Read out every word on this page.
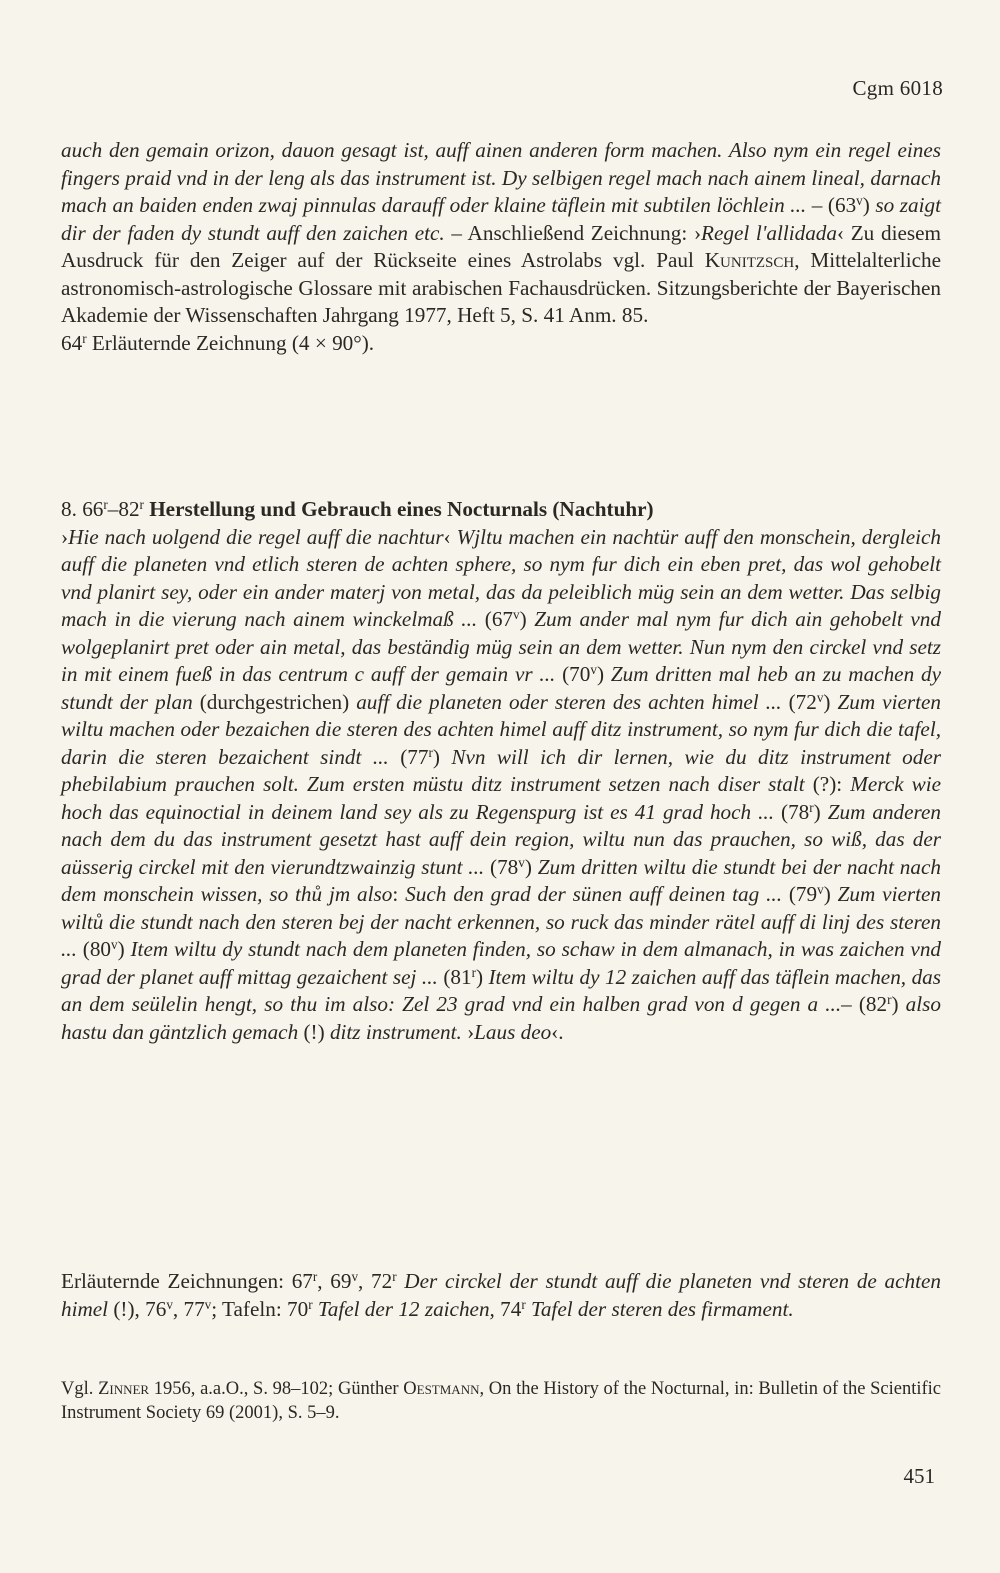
Cgm 6018

auch den gemain orizon, dauon gesagt ist, auff ainen anderen form machen. Also nym ein regel eines fingers praid vnd in der leng als das instrument ist. Dy selbigen regel mach nach ainem lineal, darnach mach an baiden enden zwaj pinnulas darauff oder klaine täflein mit subtilen löchlein ... – (63$^v$) so zaigt dir der faden dy stundt auff den zaichen etc. – Anschließend Zeichnung: ›Regel l'allidada‹ Zu diesem Ausdruck für den Zeiger auf der Rückseite eines Astrolabs vgl. Paul Kunitzsch, Mittelalterliche astronomisch-astrologische Glossare mit arabischen Fachausdrücken. Sitzungsberichte der Bayerischen Akademie der Wissenschaften Jahrgang 1977, Heft 5, S. 41 Anm. 85.

64$^r$ Erläuternde Zeichnung (4 × 90°).

8. 66$^r$–82$^r$ Herstellung und Gebrauch eines Nocturnals (Nachtuhr)

›Hie nach uolgend die regel auff die nachtur‹ Wjltu machen ein nachtür auff den monschein, dergleich auff die planeten vnd etlich steren de achten sphere, so nym fur dich ein eben pret, das wol gehobelt vnd planirt sey, oder ein ander materj von metal, das da peleiblich müg sein an dem wetter. Das selbig mach in die vierung nach ainem winckelmaß ... (67$^v$) Zum ander mal nym fur dich ain gehobelt vnd wolgeplanirt pret oder ain metal, das beständig müg sein an dem wetter. Nun nym den circkel vnd setz in mit einem fueß in das centrum c auff der gemain vr ... (70$^v$) Zum dritten mal heb an zu machen dy stundt der plan (durchgestrichen) auff die planeten oder steren des achten himel ... (72$^v$) Zum vierten wiltu machen oder bezaichen die steren des achten himel auff ditz instrument, so nym fur dich die tafel, darin die steren bezaichent sindt ... (77$^r$) Nvn will ich dir lernen, wie du ditz instrument oder phebilabium prauchen solt. Zum ersten müstu ditz instrument setzen nach diser stalt (?): Merck wie hoch das equinoctial in deinem land sey als zu Regenspurg ist es 41 grad hoch ... (78$^r$) Zum anderen nach dem du das instrument gesetzt hast auff dein region, wiltu nun das prauchen, so wiß, das der aüsserig circkel mit den vierundtzwainzig stunt ... (78$^v$) Zum dritten wiltu die stundt bei der nacht nach dem monschein wissen, so thů jm also: Such den grad der sünen auff deinen tag ... (79$^v$) Zum vierten wiltů die stundt nach den steren bej der nacht erkennen, so ruck das minder rätel auff di linj des steren ... (80$^v$) Item wiltu dy stundt nach dem planeten finden, so schaw in dem almanach, in was zaichen vnd grad der planet auff mittag gezaichent sej ... (81$^r$) Item wiltu dy 12 zaichen auff das täflein machen, das an dem seülelin hengt, so thu im also: Zel 23 grad vnd ein halben grad von d gegen a ...– (82$^r$) also hastu dan gäntzlich gemach (!) ditz instrument. ›Laus deo‹.

Erläuternde Zeichnungen: 67$^r$, 69$^v$, 72$^r$ Der circkel der stundt auff die planeten vnd steren de achten himel (!), 76$^v$, 77$^v$; Tafeln: 70$^r$ Tafel der 12 zaichen, 74$^r$ Tafel der steren des firmament.

Vgl. Zinner 1956, a.a.O., S. 98–102; Günther Oestmann, On the History of the Nocturnal, in: Bulletin of the Scientific Instrument Society 69 (2001), S. 5–9.

451
